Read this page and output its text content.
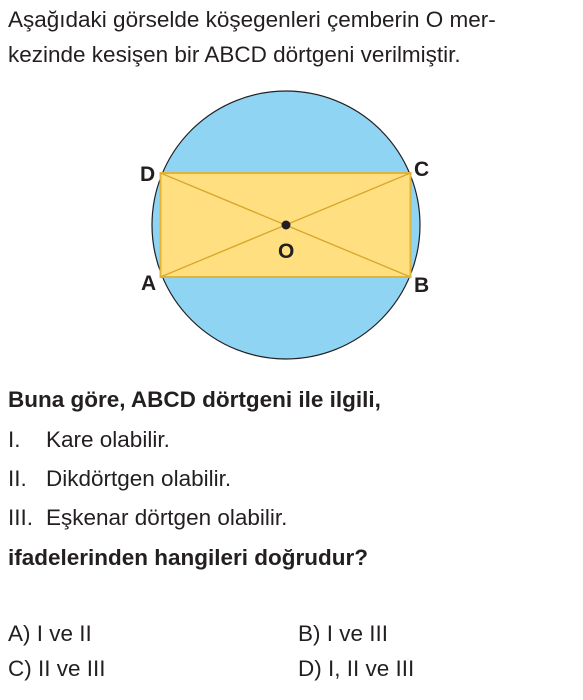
Aşağıdaki görselde köşegenleri çemberin O mer-
kezinde kesişen bir ABCD dörtgeni verilmiştir.
D	C
A	B
O
Buna göre, ABCD dörtgeni ile ilgili,
I. Kare olabilir.
II. Dikdörtgen olabilir.
III. Eşkenar dörtgen olabilir.
ifadelerinden hangileri doğrudur?
A) I ve II	B) I ve III
C) II ve III	D) I, II ve III
